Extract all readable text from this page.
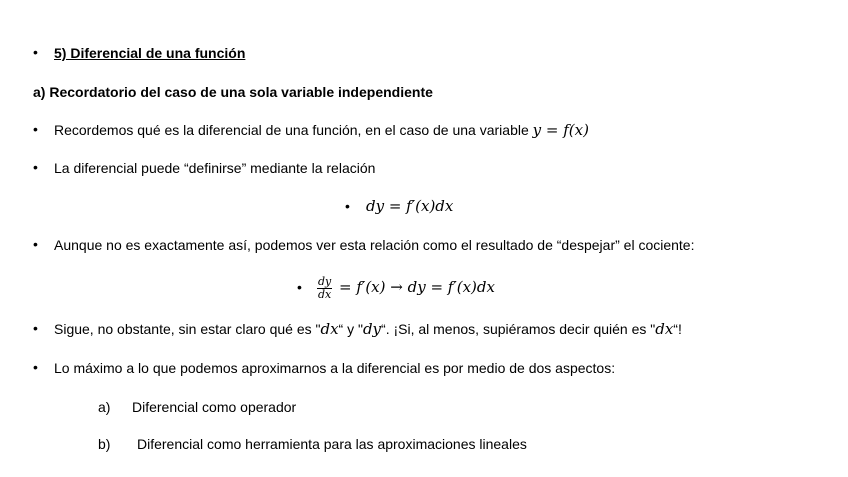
• 5) Diferencial de una función
a) Recordatorio del caso de una sola variable independiente
• Recordemos qué es la diferencial de una función, en el caso de una variable y = f(x)
• La diferencial puede “definirse” mediante la relación
• dy = f′(x)dx
• Aunque no es exactamente así, podemos ver esta relación como el resultado de “despejar” el cociente:
• $\frac{dy}{dx} = f'(x)$ → dy = f′(x)dx
• Sigue, no obstante, sin estar claro qué es "dx“ y "dy“. ¡Si, al menos, supiéramos decir quién es "dx“!
• Lo máximo a lo que podemos aproximarnos a la diferencial es por medio de dos aspectos:
a) Diferencial como operador
b) Diferencial como herramienta para las aproximaciones lineales
